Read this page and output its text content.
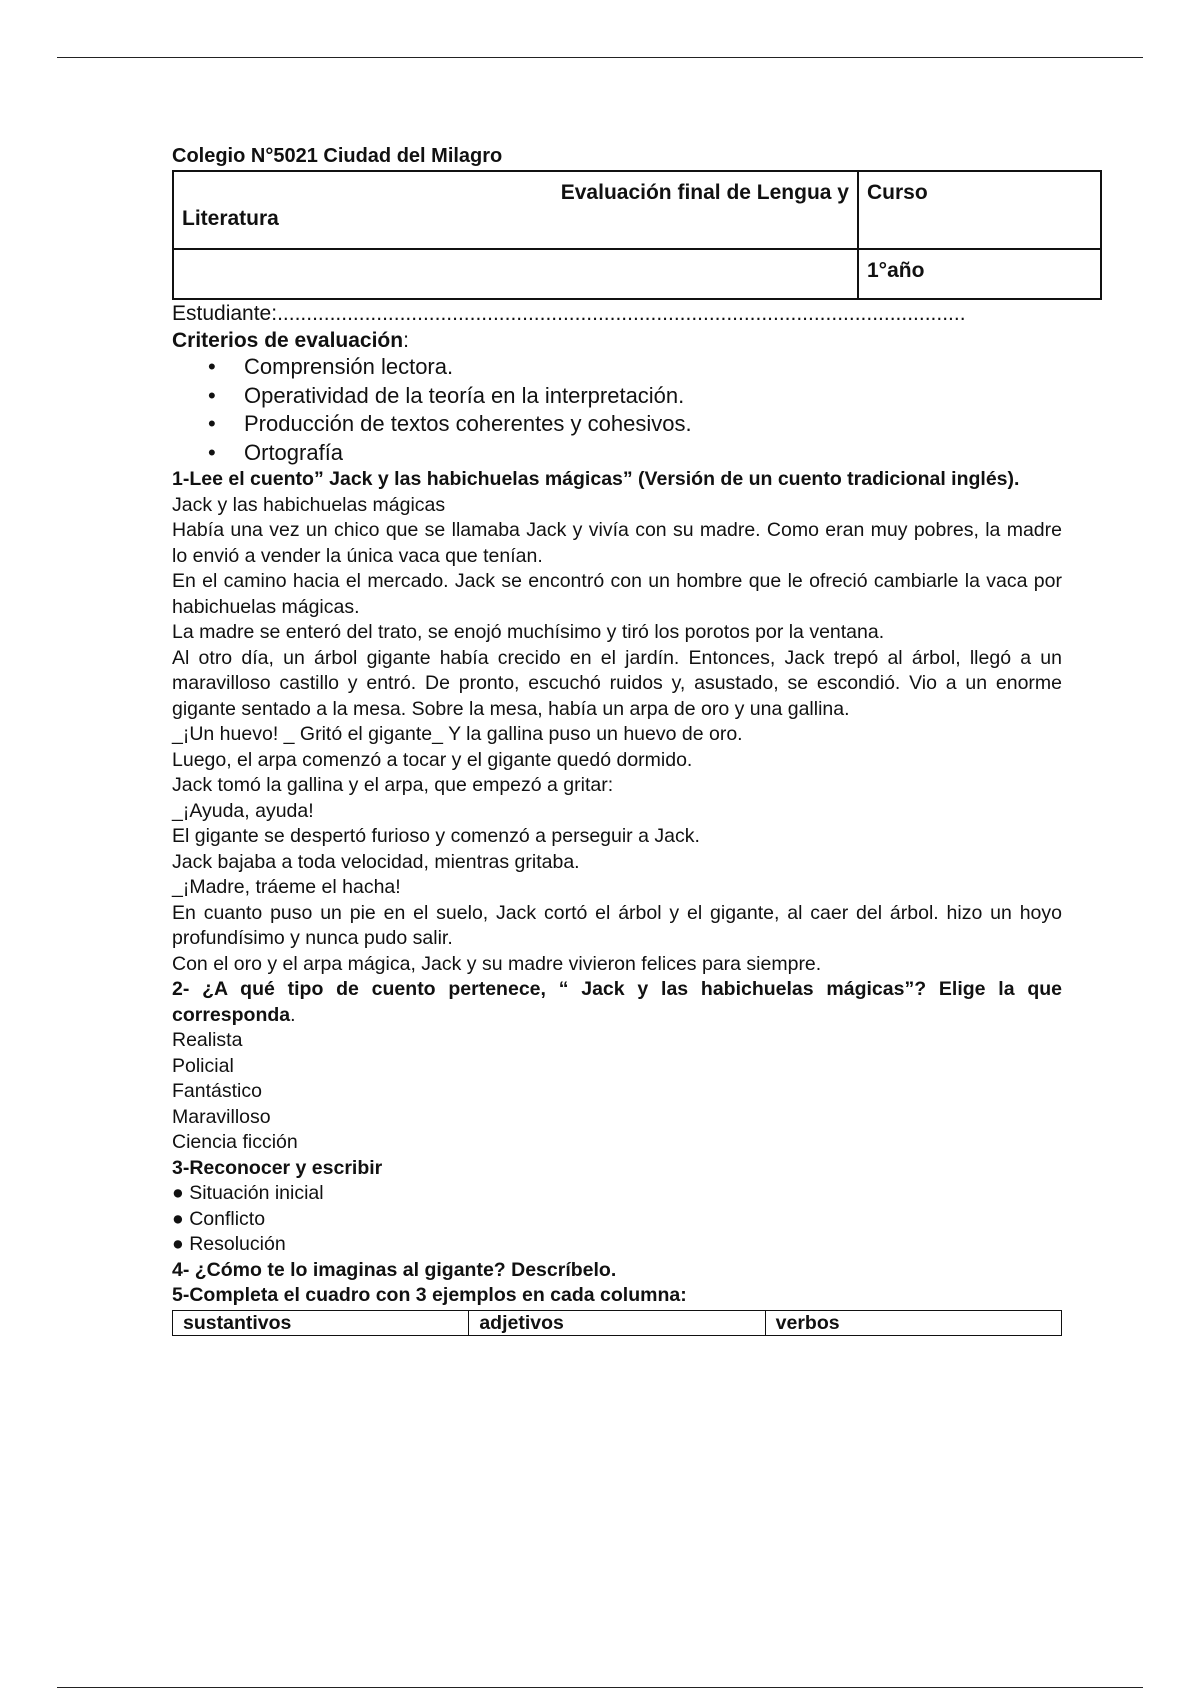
Colegio N°5021 Ciudad del Milagro
Evaluación final de Lengua y
Literatura	Curso
	1°año
Estudiante:......................................................................................................................
Criterios de evaluación:
• Comprensión lectora.
• Operatividad de la teoría en la interpretación.
• Producción de textos coherentes y cohesivos.
• Ortografía

1-Lee el cuento” Jack y las habichuelas mágicas” (Versión de un cuento tradicional inglés).

Jack y las habichuelas mágicas

Había una vez un chico que se llamaba Jack y vivía con su madre. Como eran muy pobres, la madre lo envió a vender la única vaca que tenían.

En el camino hacia el mercado. Jack se encontró con un hombre que le ofreció cambiarle la vaca por habichuelas mágicas.

La madre se enteró del trato, se enojó muchísimo y tiró los porotos por la ventana.

Al otro día, un árbol gigante había crecido en el jardín. Entonces, Jack trepó al árbol, llegó a un maravilloso castillo y entró. De pronto, escuchó ruidos y, asustado, se escondió. Vio a un enorme gigante sentado a la mesa. Sobre la mesa, había un arpa de oro y una gallina.

_¡Un huevo! _ Gritó el gigante_ Y la gallina puso un huevo de oro.

Luego, el arpa comenzó a tocar y el gigante quedó dormido.

Jack tomó la gallina y el arpa, que empezó a gritar:

_¡Ayuda, ayuda!

El gigante se despertó furioso y comenzó a perseguir a Jack.

Jack bajaba a toda velocidad, mientras gritaba.

_¡Madre, tráeme el hacha!

En cuanto puso un pie en el suelo, Jack cortó el árbol y el gigante, al caer del árbol. hizo un hoyo profundísimo y nunca pudo salir.

Con el oro y el arpa mágica, Jack y su madre vivieron felices para siempre.

2- ¿A qué tipo de cuento pertenece, “ Jack y las habichuelas mágicas”? Elige la que corresponda.

Realista

Policial

Fantástico

Maravilloso

Ciencia ficción

3-Reconocer y escribir

● Situación inicial

● Conflicto

● Resolución

4- ¿Cómo te lo imaginas al gigante? Descríbelo.

5-Completa el cuadro con 3 ejemplos en cada columna:

sustantivos	adjetivos	verbos
